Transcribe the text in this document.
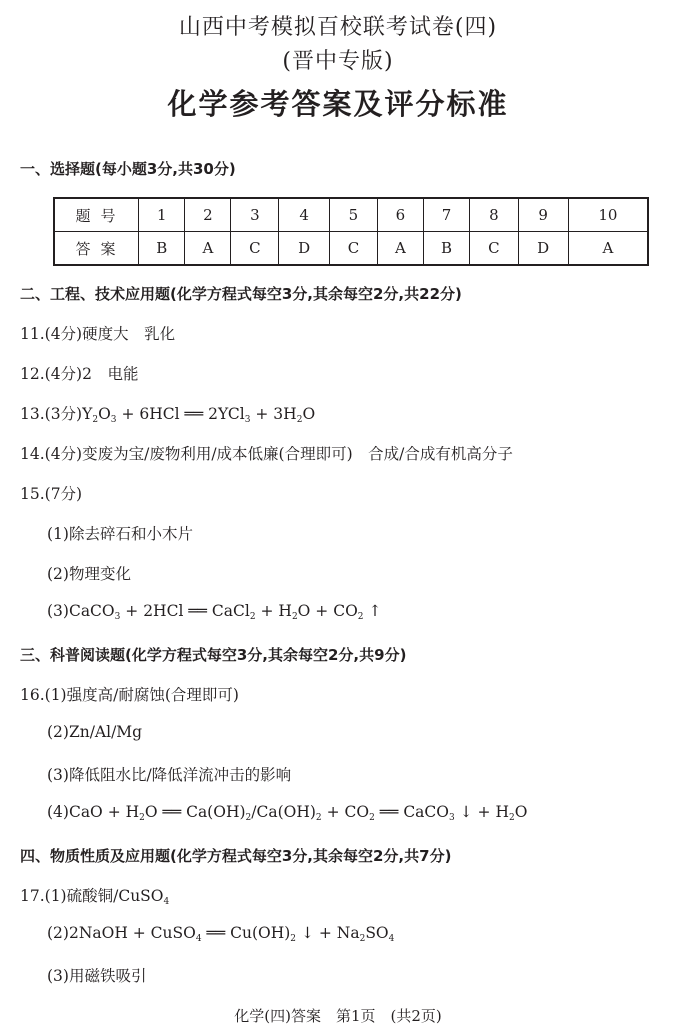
山西中考模拟百校联考试卷(四)
(晋中专版)
化学参考答案及评分标准
一、选择题(每小题3分,共30分)
题号	1	2	3	4	5	6	7	8	9	10
答案	B	A	C	D	C	A	B	C	D	A
二、工程、技术应用题(化学方程式每空3分,其余每空2分,共22分)
11.(4分)硬度大　乳化
12.(4分)2　电能
13.(3分)Y2O3 + 6HCl ══ 2YCl3 + 3H2O
14.(4分)变废为宝/废物利用/成本低廉(合理即可)　合成/合成有机高分子
15.(7分)
(1)除去碎石和小木片
(2)物理变化
(3)CaCO3 + 2HCl ══ CaCl2 + H2O + CO2 ↑
三、科普阅读题(化学方程式每空3分,其余每空2分,共9分)
16.(1)强度高/耐腐蚀(合理即可)
(2)Zn/Al/Mg
(3)降低阻水比/降低洋流冲击的影响
(4)CaO + H2O ══ Ca(OH)2/Ca(OH)2 + CO2 ══ CaCO3 ↓ + H2O
四、物质性质及应用题(化学方程式每空3分,其余每空2分,共7分)
17.(1)硫酸铜/CuSO4
(2)2NaOH + CuSO4 ══ Cu(OH)2 ↓ + Na2SO4
(3)用磁铁吸引
化学(四)答案　第1页　(共2页)
